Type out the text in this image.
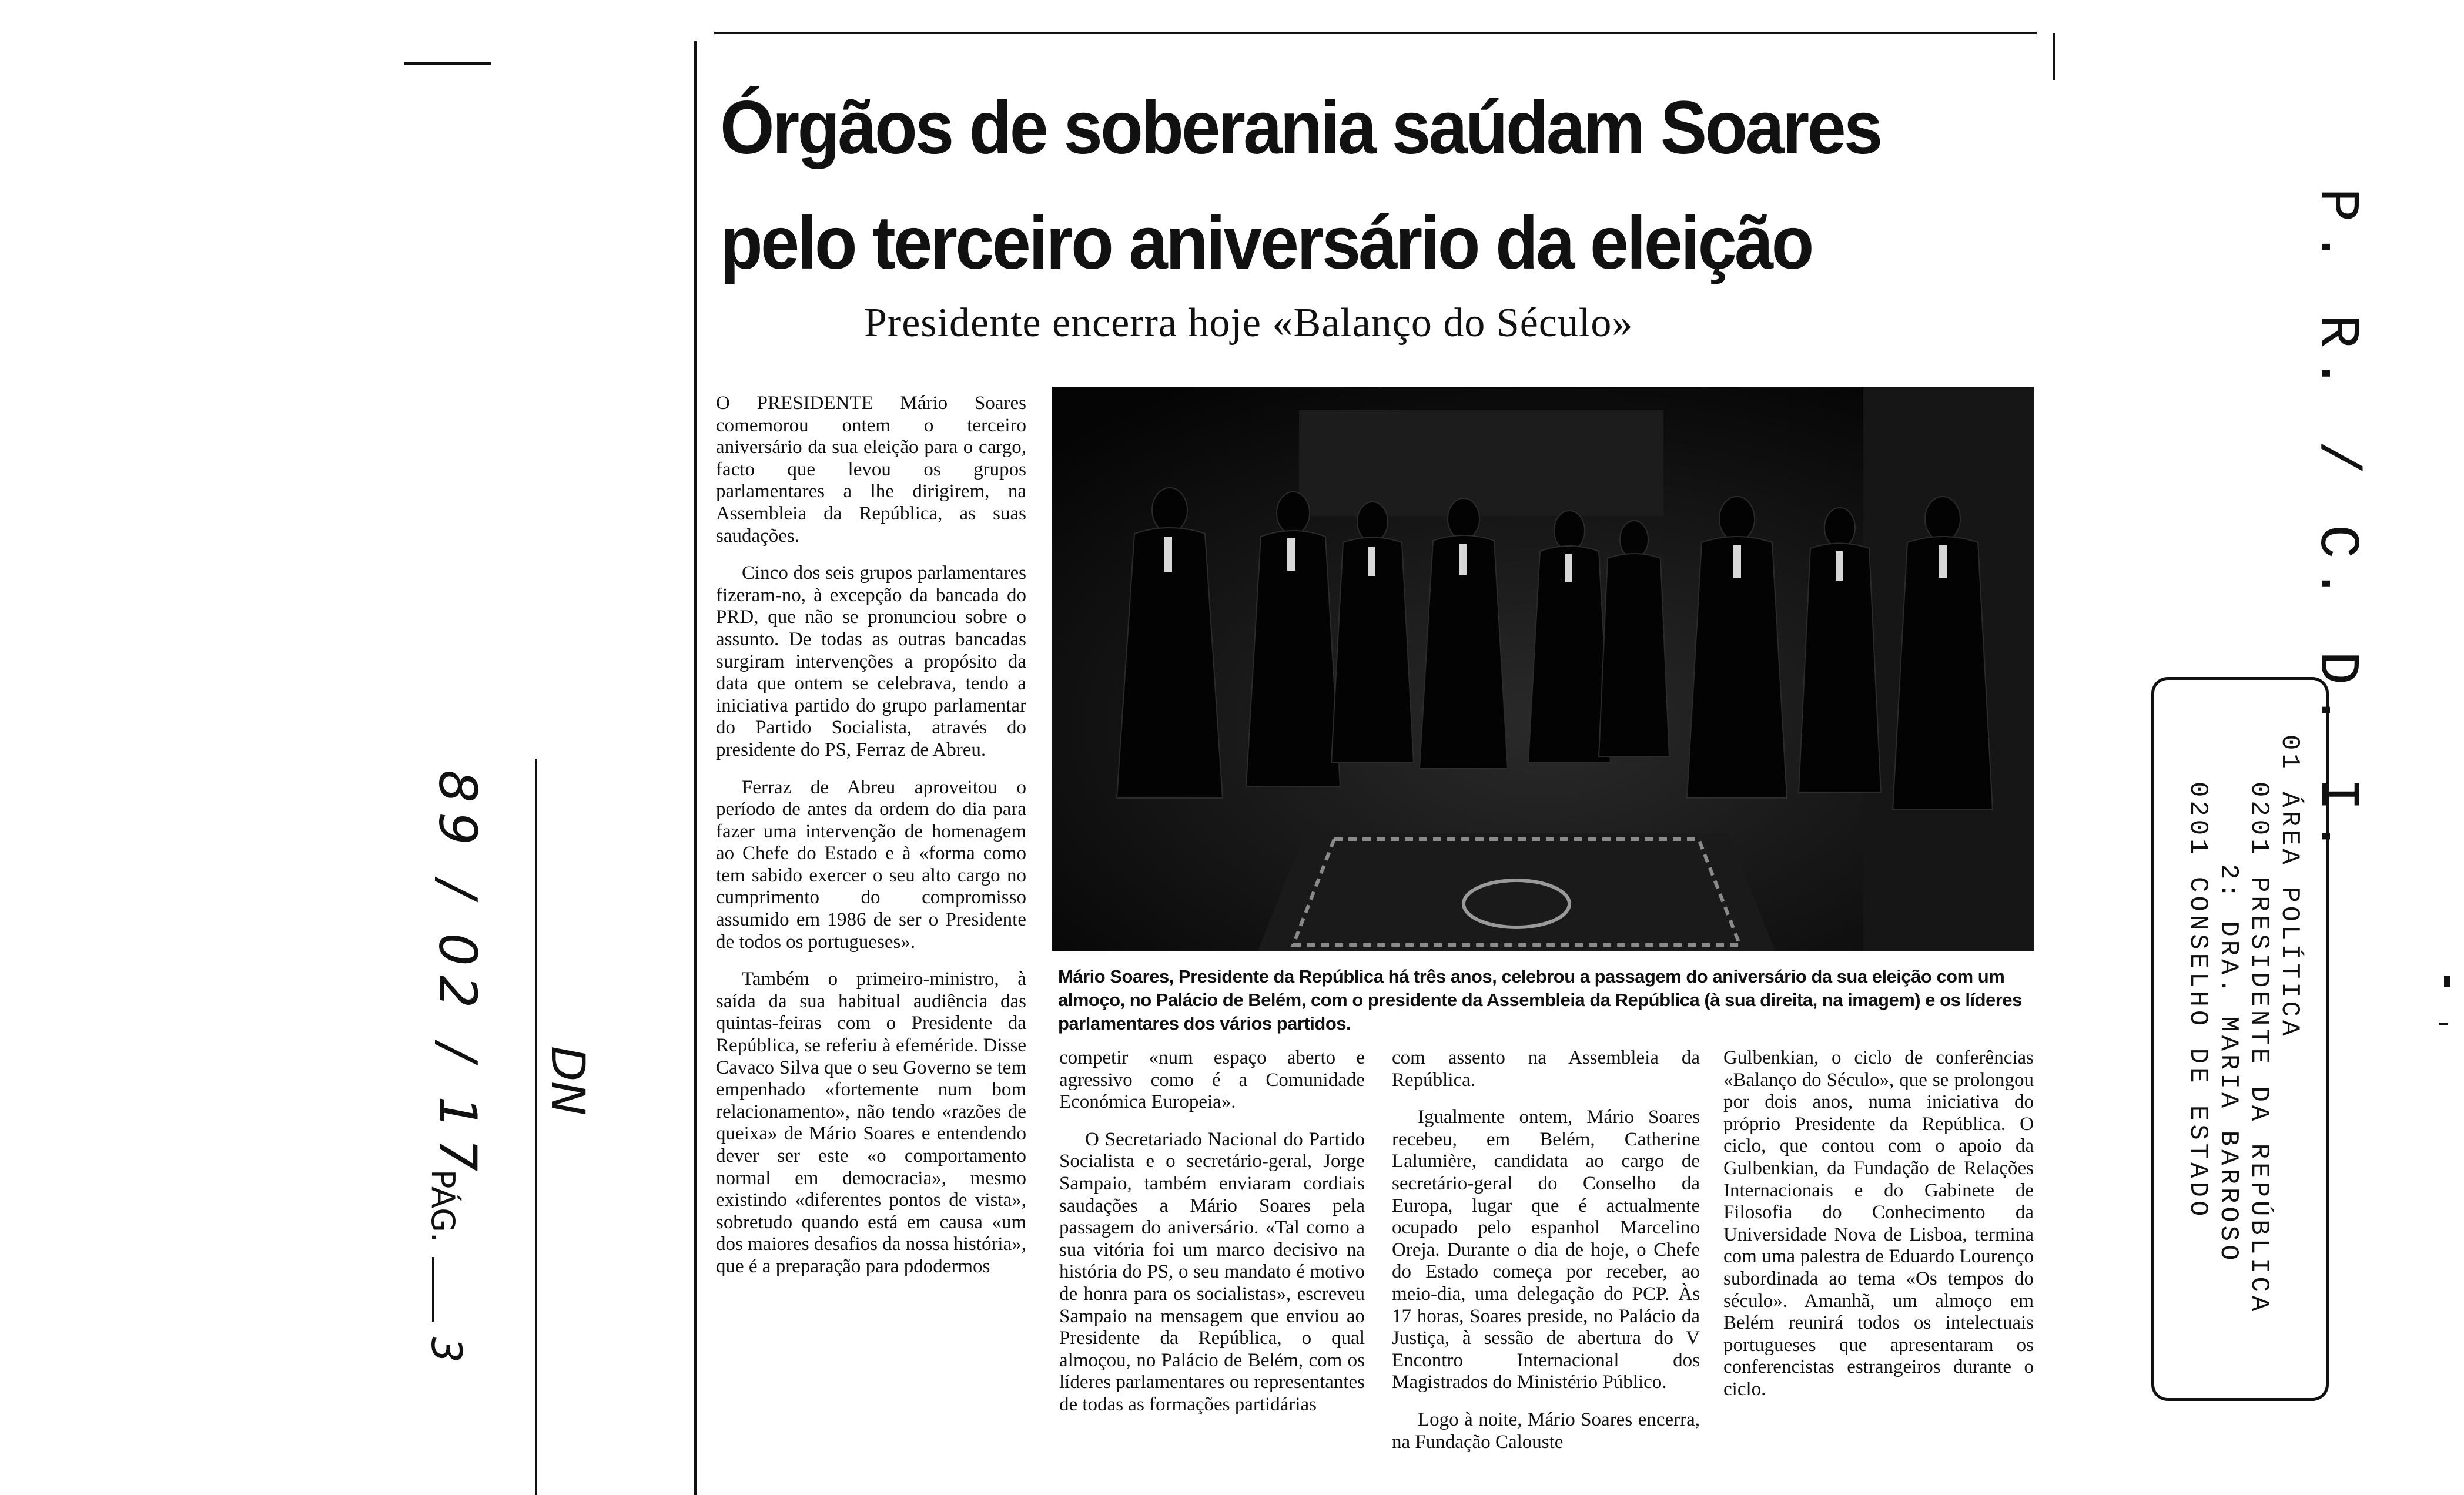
Órgãos de soberania saúdam Soares
pelo terceiro aniversário da eleição
Presidente encerra hoje «Balanço do Século»

O PRESIDENTE Mário Soares comemorou ontem o terceiro aniversário da sua eleição para o cargo, facto que levou os grupos parlamentares a lhe dirigirem, na Assembleia da República, as suas saudações.

Cinco dos seis grupos parlamentares fizeram-no, à excepção da bancada do PRD, que não se pronunciou sobre o assunto. De todas as outras bancadas surgiram intervenções a propósito da data que ontem se celebrava, tendo a iniciativa partido do grupo parlamentar do Partido Socialista, através do presidente do PS, Ferraz de Abreu.

Ferraz de Abreu aproveitou o período de antes da ordem do dia para fazer uma intervenção de homenagem ao Chefe do Estado e à «forma como tem sabido exercer o seu alto cargo no cumprimento do compromisso assumido em 1986 de ser o Presidente de todos os portugueses».

Também o primeiro-ministro, à saída da sua habitual audiência das quintas-feiras com o Presidente da República, se referiu à efeméride. Disse Cavaco Silva que o seu Governo se tem empenhado «fortemente num bom relacionamento», não tendo «razões de queixa» de Mário Soares e entendendo dever ser este «o comportamento normal em democracia», mesmo existindo «diferentes pontos de vista», sobretudo quando está em causa «um dos maiores desafios da nossa história», que é a preparação para pdodermos

Mário Soares, Presidente da República há três anos, celebrou a passagem do aniversário da sua eleição com um almoço, no Palácio de Belém, com o presidente da Assembleia da República (à sua direita, na imagem) e os líderes parlamentares dos vários partidos.

competir «num espaço aberto e agressivo como é a Comunidade Económica Europeia».

O Secretariado Nacional do Partido Socialista e o secretário-geral, Jorge Sampaio, também enviaram cordiais saudações a Mário Soares pela passagem do aniversário. «Tal como a sua vitória foi um marco decisivo na história do PS, o seu mandato é motivo de honra para os socialistas», escreveu Sampaio na mensagem que enviou ao Presidente da República, o qual almoçou, no Palácio de Belém, com os líderes parlamentares ou representantes de todas as formações partidárias

com assento na Assembleia da República.

Igualmente ontem, Mário Soares recebeu, em Belém, Catherine Lalumière, candidata ao cargo de secretário-geral do Conselho da Europa, lugar que é actualmente ocupado pelo espanhol Marcelino Oreja. Durante o dia de hoje, o Chefe do Estado começa por receber, ao meio-dia, uma delegação do PCP. Às 17 horas, Soares preside, no Palácio da Justiça, à sessão de abertura do V Encontro Internacional dos Magistrados do Ministério Público.

Logo à noite, Mário Soares encerra, na Fundação Calouste

Gulbenkian, o ciclo de conferências «Balanço do Século», que se prolongou por dois anos, numa iniciativa do próprio Presidente da República. O ciclo, que contou com o apoio da Gulbenkian, da Fundação de Relações Internacionais e do Gabinete de Filosofia do Conhecimento da Universidade Nova de Lisboa, termina com uma palestra de Eduardo Lourenço subordinada ao tema «Os tempos do século». Amanhã, um almoço em Belém reunirá todos os intelectuais portugueses que apresentaram os conferencistas estrangeiros durante o ciclo.

89 / 02 / 17 DN
PÁG.  3
P. R. / C. D. I.
01 ÁREA POLÍTICA
0201 PRESIDENTE DA REPÚBLICA
2: DRA. MARIA BARROSO
0201 CONSELHO DE ESTADO
